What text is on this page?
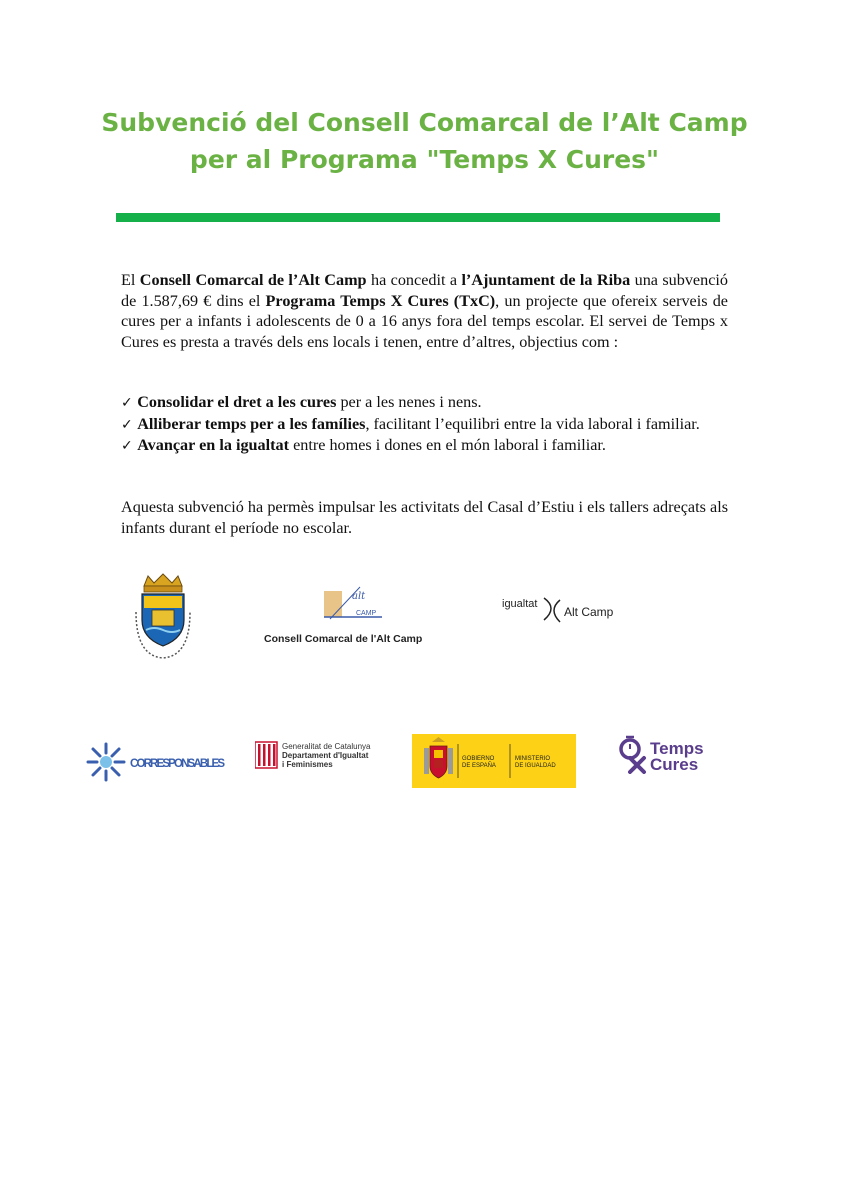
Subvenció del Consell Comarcal de l’Alt Camp
per al Programa "Temps X Cures"

El Consell Comarcal de l’Alt Camp ha concedit a l’Ajuntament de la Riba una subvenció de 1.587,69 € dins el Programa Temps X Cures (TxC), un projecte que ofereix serveis de cures per a infants i adolescents de 0 a 16 anys fora del temps escolar. El servei de Temps x Cures es presta a través dels ens locals i tenen, entre d’altres, objectius com :

✓ Consolidar el dret a les cures per a les nenes i nens.

✓ Alliberar temps per a les famílies, facilitant l’equilibri entre la vida laboral i familiar.

✓ Avançar en la igualtat entre homes i dones en el món laboral i familiar.

Aquesta subvenció ha permès impulsar les activitats del Casal d’Estiu i els tallers adreçats als infants durant el període no escolar.
alt
CAMP
Consell Comarcal de l'Alt Camp
igualtat
Alt Camp
CORRESPONSABLES
Generalitat de Catalunya
Departament d'Igualtat
i Feminismes
GOBIERNO
DE ESPAÑA
MINISTERIO
DE IGUALDAD
Temps
Cures
